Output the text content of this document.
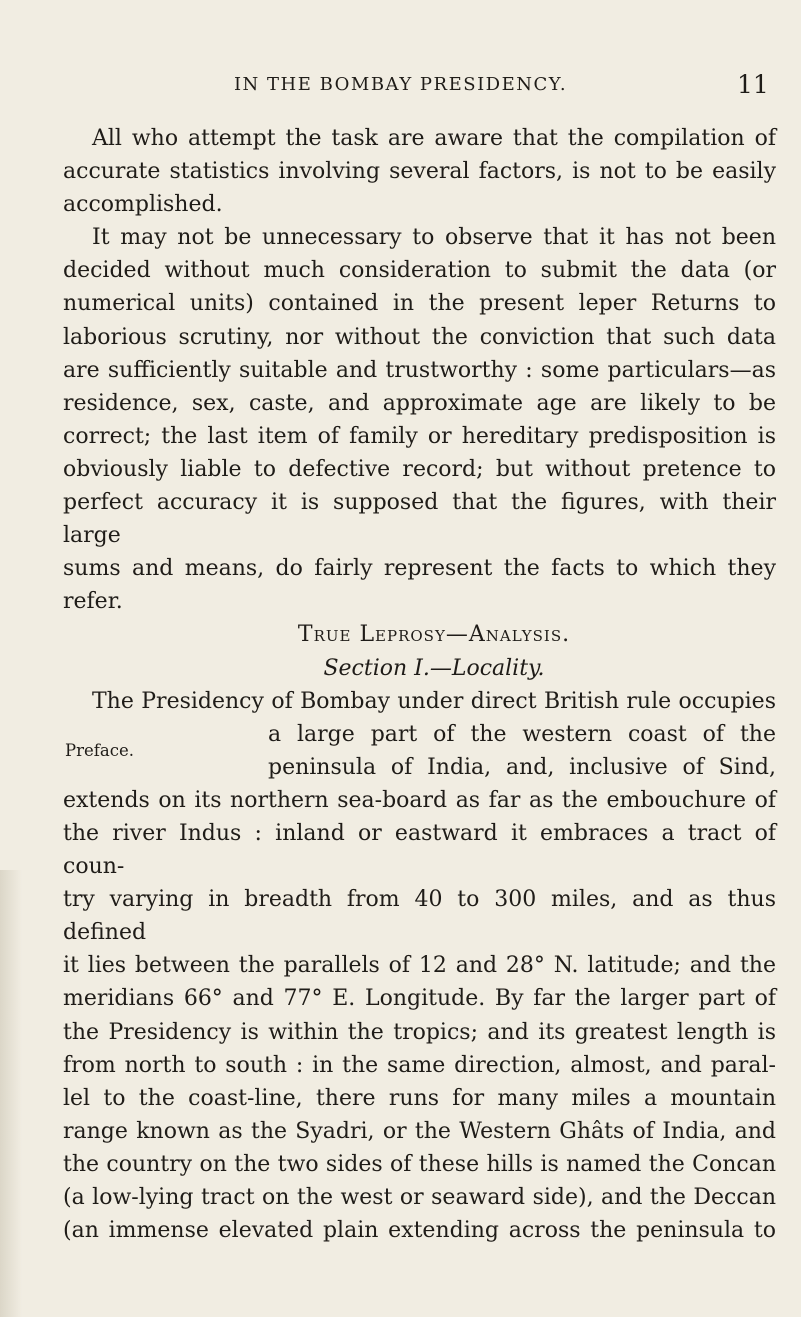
IN THE BOMBAY PRESIDENCY.	11

All who attempt the task are aware that the compilation of
accurate statistics involving several factors, is not to be easily
accomplished.

It may not be unnecessary to observe that it has not been
decided without much consideration to submit the data (or
numerical units) contained in the present leper Returns to
laborious scrutiny, nor without the conviction that such data
are sufficiently suitable and trustworthy : some particulars—as
residence, sex, caste, and approximate age are likely to be
correct; the last item of family or hereditary predisposition is
obviously liable to defective record; but without pretence to
perfect accuracy it is supposed that the figures, with their large
sums and means, do fairly represent the facts to which they
refer.

True Leprosy—Analysis.

Section I.—Locality.

The Presidency of Bombay under direct British rule occupies

Preface.
a large part of the western coast of the
peninsula of India, and, inclusive of Sind,

extends on its northern sea-board as far as the embouchure of
the river Indus : inland or eastward it embraces a tract of coun-
try varying in breadth from 40 to 300 miles, and as thus defined
it lies between the parallels of 12 and 28° N. latitude; and the
meridians 66° and 77° E. Longitude. By far the larger part of
the Presidency is within the tropics; and its greatest length is
from north to south : in the same direction, almost, and paral-
lel to the coast-line, there runs for many miles a mountain
range known as the Syadri, or the Western Ghâts of India, and
the country on the two sides of these hills is named the Concan
(a low-lying tract on the west or seaward side), and the Deccan
(an immense elevated plain extending across the peninsula to
